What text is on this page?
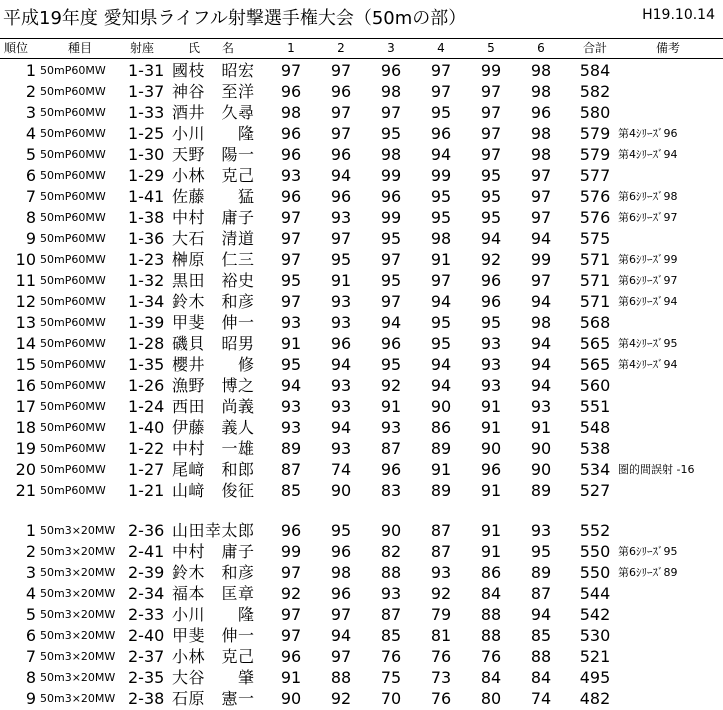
平成19年度 愛知県ライフル射撃選手権大会（50mの部）	H19.10.14
順位	種目	射座	氏名	1	2	3	4	5	6	合計	備考
1 50mP60MW 1-31 國枝　昭宏	97	97	96	97	99	98	584
2 50mP60MW 1-37 神谷　至洋	96	96	98	97	97	98	582
3 50mP60MW 1-33 酒井　久尋	98	97	97	95	97	96	580
4 50mP60MW 1-25 小川　　隆	96	97	95	96	97	98	579 第4ｼﾘｰｽﾞ96
5 50mP60MW 1-30 天野　陽一	96	96	98	94	97	98	579 第4ｼﾘｰｽﾞ94
6 50mP60MW 1-29 小林　克己	93	94	99	99	95	97	577
7 50mP60MW 1-41 佐藤　　猛	96	96	96	95	95	97	576 第6ｼﾘｰｽﾞ98
8 50mP60MW 1-38 中村　庸子	97	93	99	95	95	97	576 第6ｼﾘｰｽﾞ97
9 50mP60MW 1-36 大石　清道	97	97	95	98	94	94	575
10 50mP60MW 1-23 榊原　仁三	97	95	97	91	92	99	571 第6ｼﾘｰｽﾞ99
11 50mP60MW 1-32 黒田　裕史	95	91	95	97	96	97	571 第6ｼﾘｰｽﾞ97
12 50mP60MW 1-34 鈴木　和彦	97	93	97	94	96	94	571 第6ｼﾘｰｽﾞ94
13 50mP60MW 1-39 甲斐　伸一	93	93	94	95	95	98	568
14 50mP60MW 1-28 磯貝　昭男	91	96	96	95	93	94	565 第4ｼﾘｰｽﾞ95
15 50mP60MW 1-35 櫻井　　修	95	94	95	94	93	94	565 第4ｼﾘｰｽﾞ94
16 50mP60MW 1-26 漁野　博之	94	93	92	94	93	94	560
17 50mP60MW 1-24 西田　尚義	93	93	91	90	91	93	551
18 50mP60MW 1-40 伊藤　義人	93	94	93	86	91	91	548
19 50mP60MW 1-22 中村　一雄	89	93	87	89	90	90	538
20 50mP60MW 1-27 尾﨑　和郎	87	74	96	91	96	90	534 圏的間誤射 -16
21 50mP60MW 1-21 山﨑　俊征	85	90	83	89	91	89	527
1 50m3×20MW 2-36 山田幸太郎	96	95	90	87	91	93	552
2 50m3×20MW 2-41 中村　庸子	99	96	82	87	91	95	550 第6ｼﾘｰｽﾞ95
3 50m3×20MW 2-39 鈴木　和彦	97	98	88	93	86	89	550 第6ｼﾘｰｽﾞ89
4 50m3×20MW 2-34 福本　匡章	92	96	93	92	84	87	544
5 50m3×20MW 2-33 小川　　隆	97	97	87	79	88	94	542
6 50m3×20MW 2-40 甲斐　伸一	97	94	85	81	88	85	530
7 50m3×20MW 2-37 小林　克己	96	97	76	76	76	88	521
8 50m3×20MW 2-35 大谷　　肇	91	88	75	73	84	84	495
9 50m3×20MW 2-38 石原　憲一	90	92	70	76	80	74	482
